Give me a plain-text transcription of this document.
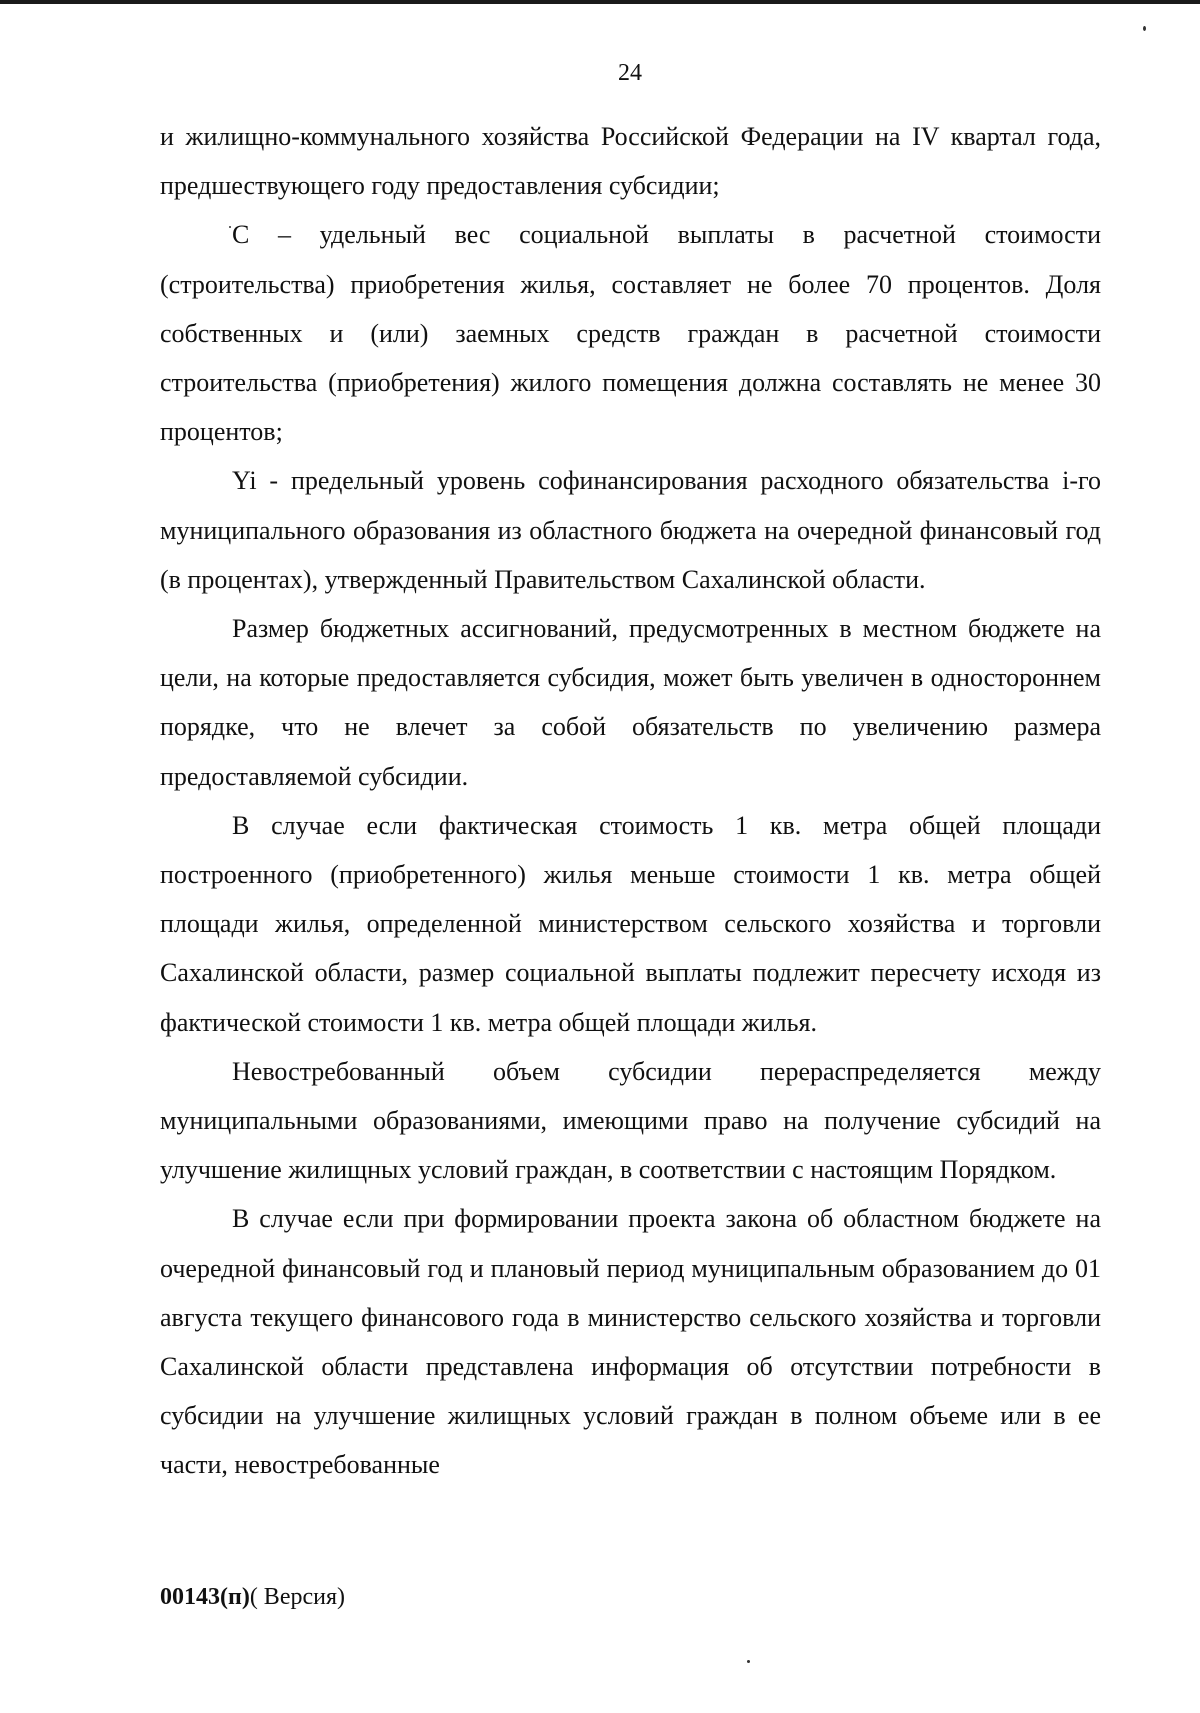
24

и жилищно-коммунального хозяйства Российской Федерации на IV квартал года, предшествующего году предоставления субсидии;

С – удельный вес социальной выплаты в расчетной стоимости (строительства) приобретения жилья, составляет не более 70 процентов. Доля собственных и (или) заемных средств граждан в расчетной стоимости строительства (приобретения) жилого помещения должна составлять не менее 30 процентов;

Yi - предельный уровень софинансирования расходного обязательства i-го муниципального образования из областного бюджета на очередной финансовый год (в процентах), утвержденный Правительством Сахалинской области.

Размер бюджетных ассигнований, предусмотренных в местном бюджете на цели, на которые предоставляется субсидия, может быть увеличен в одностороннем порядке, что не влечет за собой обязательств по увеличению размера предоставляемой субсидии.

В случае если фактическая стоимость 1 кв. метра общей площади построенного (приобретенного) жилья меньше стоимости 1 кв. метра общей площади жилья, определенной министерством сельского хозяйства и торговли Сахалинской области, размер социальной выплаты подлежит пересчету исходя из фактической стоимости 1 кв. метра общей площади жилья.

Невостребованный объем субсидии перераспределяется между муниципальными образованиями, имеющими право на получение субсидий на улучшение жилищных условий граждан, в соответствии с настоящим Порядком.

В случае если при формировании проекта закона об областном бюджете на очередной финансовый год и плановый период муниципальным образованием до 01 августа текущего финансового года в министерство сельского хозяйства и торговли Сахалинской области представлена информация об отсутствии потребности в субсидии на улучшение жилищных условий граждан в полном объеме или в ее части, невостребованные

00143(п)( Версия)
